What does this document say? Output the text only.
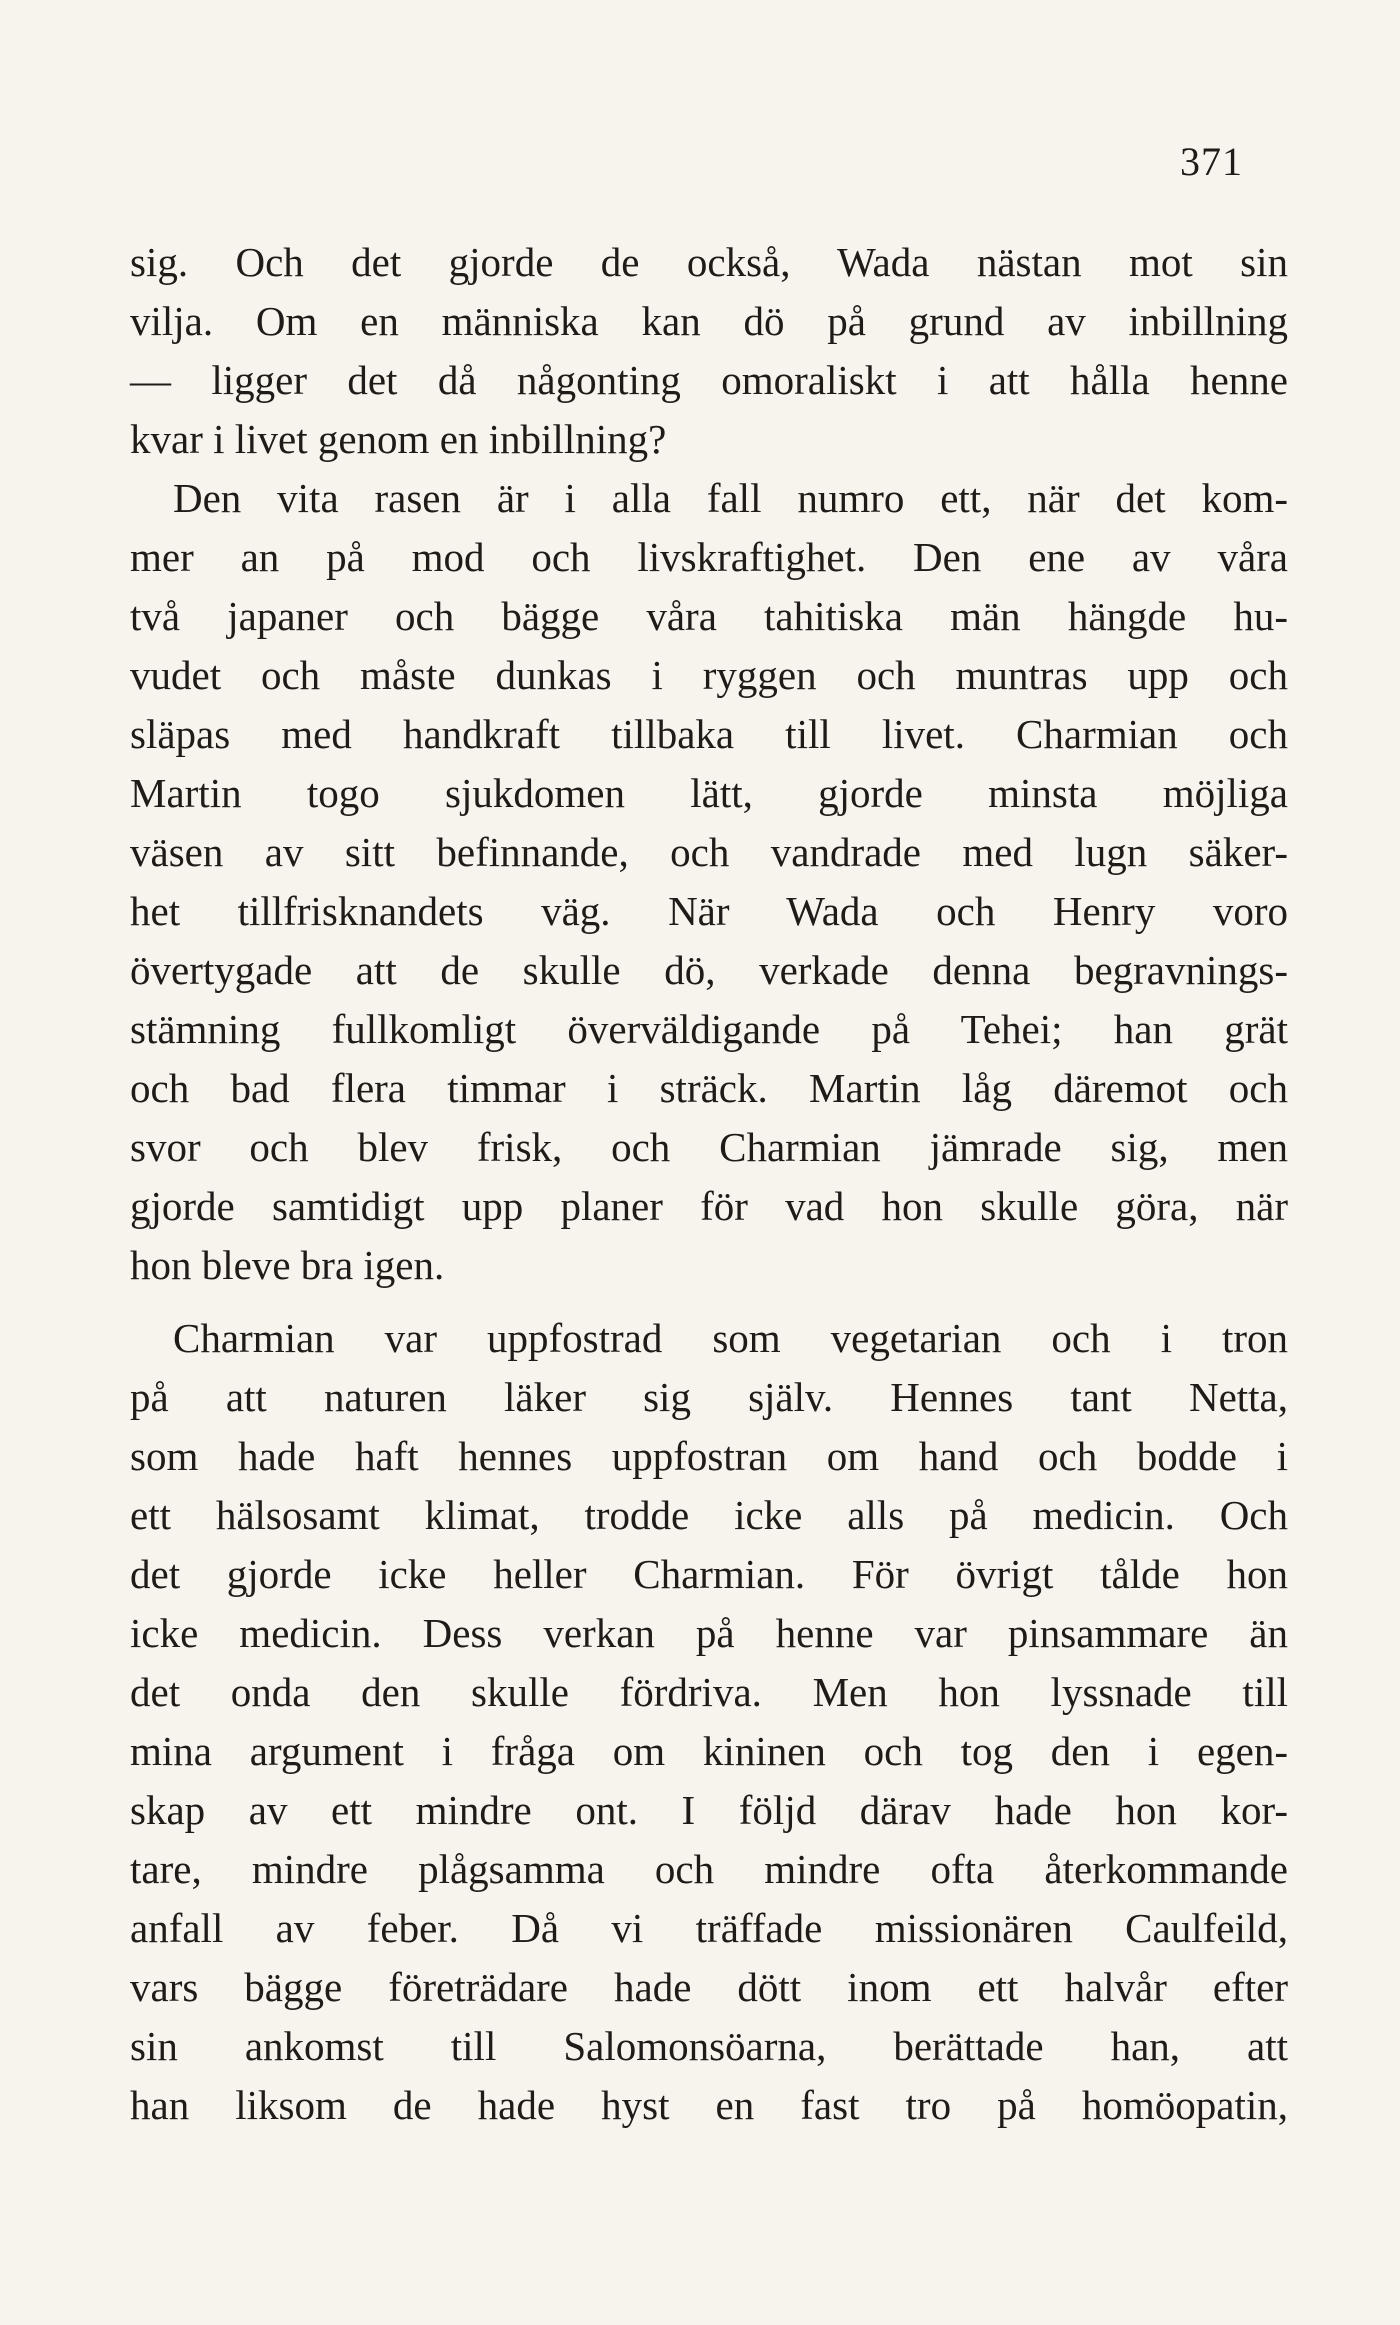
371
sig. Och det gjorde de också, Wada nästan mot sin
vilja. Om en människa kan dö på grund av inbillning
— ligger det då någonting omoraliskt i att hålla henne
kvar i livet genom en inbillning?
Den vita rasen är i alla fall numro ett, när det kom-
mer an på mod och livskraftighet. Den ene av våra
två japaner och bägge våra tahitiska män hängde hu-
vudet och måste dunkas i ryggen och muntras upp och
släpas med handkraft tillbaka till livet. Charmian och
Martin togo sjukdomen lätt, gjorde minsta möjliga
väsen av sitt befinnande, och vandrade med lugn säker-
het tillfrisknandets väg. När Wada och Henry voro
övertygade att de skulle dö, verkade denna begravnings-
stämning fullkomligt överväldigande på Tehei; han grät
och bad flera timmar i sträck. Martin låg däremot och
svor och blev frisk, och Charmian jämrade sig, men
gjorde samtidigt upp planer för vad hon skulle göra, när
hon bleve bra igen.
Charmian var uppfostrad som vegetarian och i tron
på att naturen läker sig själv. Hennes tant Netta,
som hade haft hennes uppfostran om hand och bodde i
ett hälsosamt klimat, trodde icke alls på medicin. Och
det gjorde icke heller Charmian. För övrigt tålde hon
icke medicin. Dess verkan på henne var pinsammare än
det onda den skulle fördriva. Men hon lyssnade till
mina argument i fråga om kininen och tog den i egen-
skap av ett mindre ont. I följd därav hade hon kor-
tare, mindre plågsamma och mindre ofta återkommande
anfall av feber. Då vi träffade missionären Caulfeild,
vars bägge företrädare hade dött inom ett halvår efter
sin ankomst till Salomonsöarna, berättade han, att
han liksom de hade hyst en fast tro på homöopatin,
